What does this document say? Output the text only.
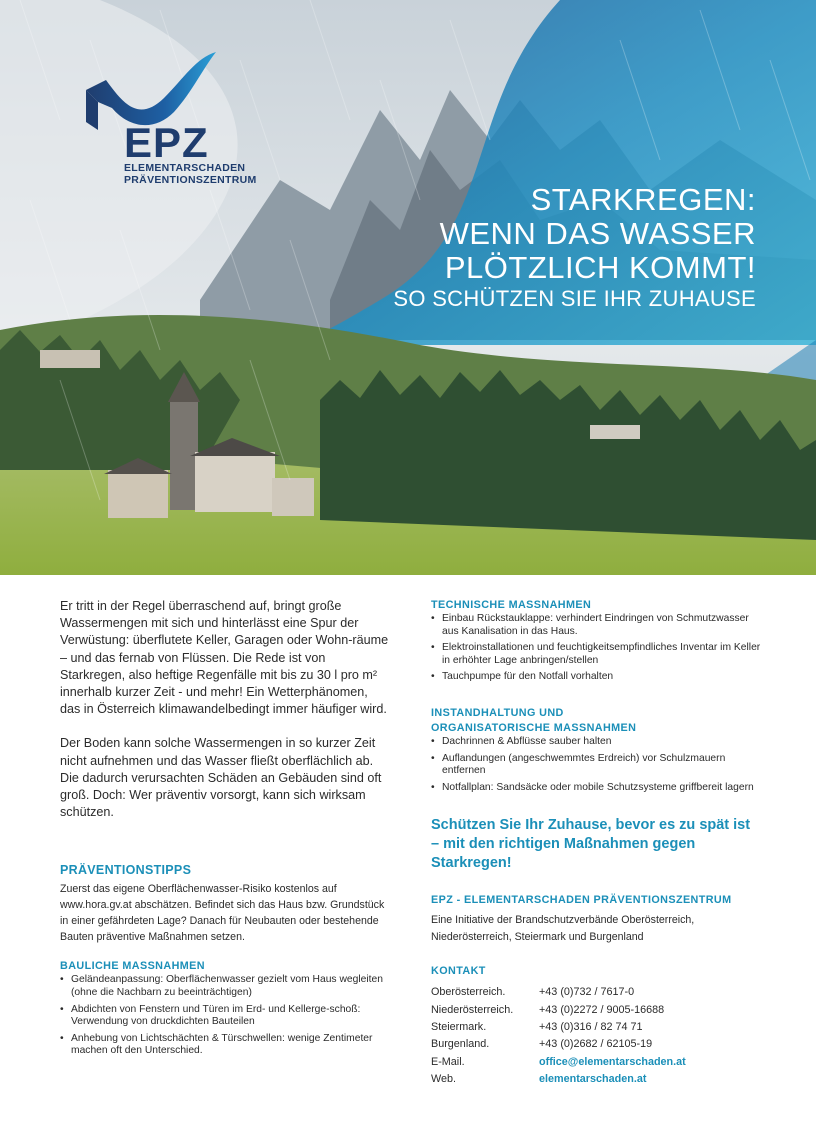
EPZ
ELEMENTARSCHADEN
PRÄVENTIONSZENTRUM
STARKREGEN:
WENN DAS WASSER
PLÖTZLICH KOMMT!
SO SCHÜTZEN SIE IHR ZUHAUSE

Er tritt in der Regel überraschend auf, bringt große Wassermengen mit sich und hinterlässt eine Spur der Verwüstung: überflutete Keller, Garagen oder Wohn-räume – und das fernab von Flüssen. Die Rede ist von Starkregen, also heftige Regenfälle mit bis zu 30 l pro m² innerhalb kurzer Zeit - und mehr! Ein Wetterphänomen, das in Österreich klimawandelbedingt immer häufiger wird.

Der Boden kann solche Wassermengen in so kurzer Zeit nicht aufnehmen und das Wasser fließt oberflächlich ab. Die dadurch verursachten Schäden an Gebäuden sind oft groß. Doch: Wer präventiv vorsorgt, kann sich wirksam schützen.

PRÄVENTIONSTIPPS
Zuerst das eigene Oberflächenwasser-Risiko kostenlos auf www.hora.gv.at abschätzen. Befindet sich das Haus bzw. Grundstück in einer gefährdeten Lage? Danach für Neubauten oder bestehende Bauten präventive Maßnahmen setzen.
BAULICHE MASSNAHMEN
• Geländeanpassung: Oberflächenwasser gezielt vom Haus wegleiten (ohne die Nachbarn zu beeinträchtigen)
• Abdichten von Fenstern und Türen im Erd- und Kellerge-schoß: Verwendung von druckdichten Bauteilen
• Anhebung von Lichtschächten & Türschwellen: wenige Zentimeter machen oft den Unterschied.
TECHNISCHE MASSNAHMEN
• Einbau Rückstauklappe: verhindert Eindringen von Schmutzwasser aus Kanalisation in das Haus.
• Elektroinstallationen und feuchtigkeitsempfindliches Inventar im Keller in erhöhter Lage anbringen/stellen
• Tauchpumpe für den Notfall vorhalten
INSTANDHALTUNG UND
ORGANISATORISCHE MASSNAHMEN
• Dachrinnen & Abflüsse sauber halten
• Auflandungen (angeschwemmtes Erdreich) vor Schulzmauern entfernen
• Notfallplan: Sandsäcke oder mobile Schutzsysteme griffbereit lagern
Schützen Sie Ihr Zuhause, bevor es zu spät ist – mit den richtigen Maßnahmen gegen Starkregen!
EPZ - ELEMENTARSCHADEN PRÄVENTIONSZENTRUM
Eine Initiative der Brandschutzverbände Oberösterreich, Niederösterreich, Steiermark und Burgenland
KONTAKT
Oberösterreich.	+43 (0)732 / 7617-0
Niederösterreich.	+43 (0)2272 / 9005-16688
Steiermark.	+43 (0)316 / 82 74 71
Burgenland.	+43 (0)2682 / 62105-19
E-Mail.	office@elementarschaden.at
Web.	elementarschaden.at
